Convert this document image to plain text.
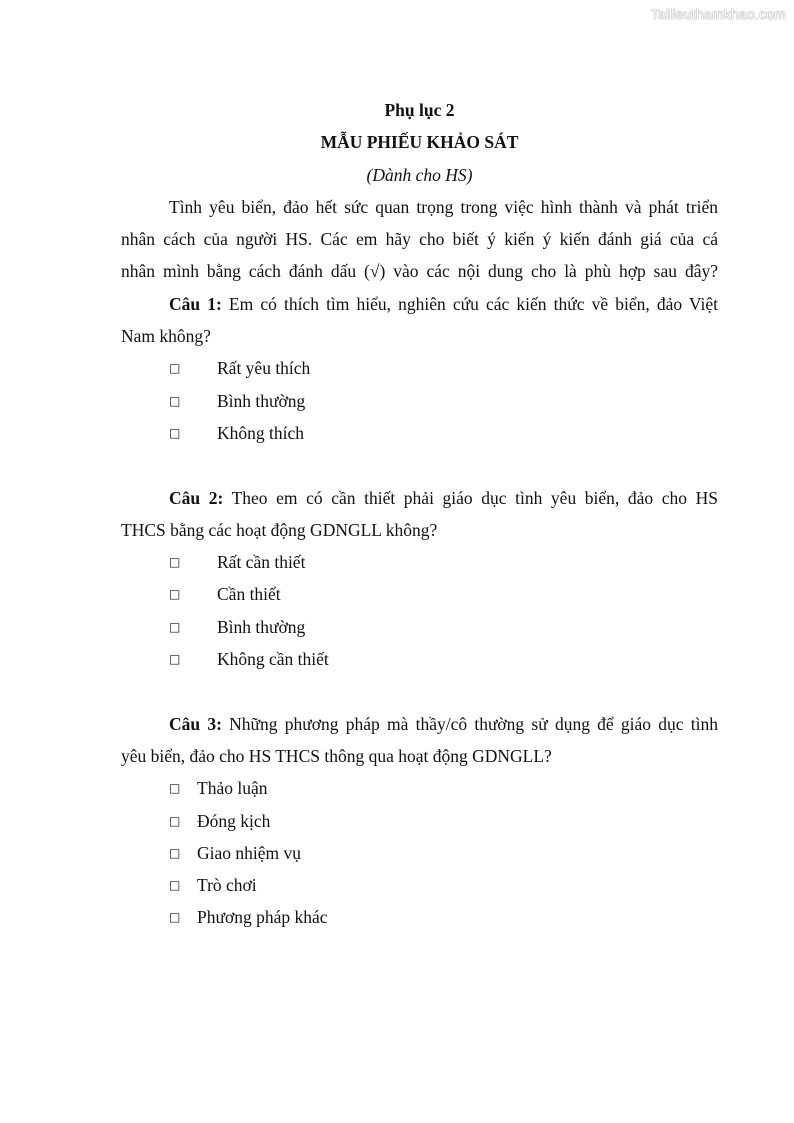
Tailieuthamkhao.com

Phụ lục 2

MẪU PHIẾU KHẢO SÁT

(Dành cho HS)

Tình yêu biển, đảo hết sức quan trọng trong việc hình thành và phát triển

nhân cách của người HS. Các em hãy cho biết ý kiến ý kiến đánh giá của cá

nhân mình bằng cách đánh dấu (√) vào các nội dung cho là phù hợp sau đây?

Câu 1: Em có thích tìm hiểu, nghiên cứu các kiến thức về biển, đảo Việt

Nam không?

□ Rất yêu thích
□ Bình thường
□ Không thích

Câu 2: Theo em có cần thiết phải giáo dục tình yêu biển, đảo cho HS

THCS bằng các hoạt động GDNGLL không?

□ Rất cần thiết
□ Cần thiết
□ Bình thường
□ Không cần thiết

Câu 3: Những phương pháp mà thầy/cô thường sử dụng để giáo dục tình

yêu biển, đảo cho HS THCS thông qua hoạt động GDNGLL?

□ Thảo luận
□ Đóng kịch
□ Giao nhiệm vụ
□ Trò chơi
□ Phương pháp khác
